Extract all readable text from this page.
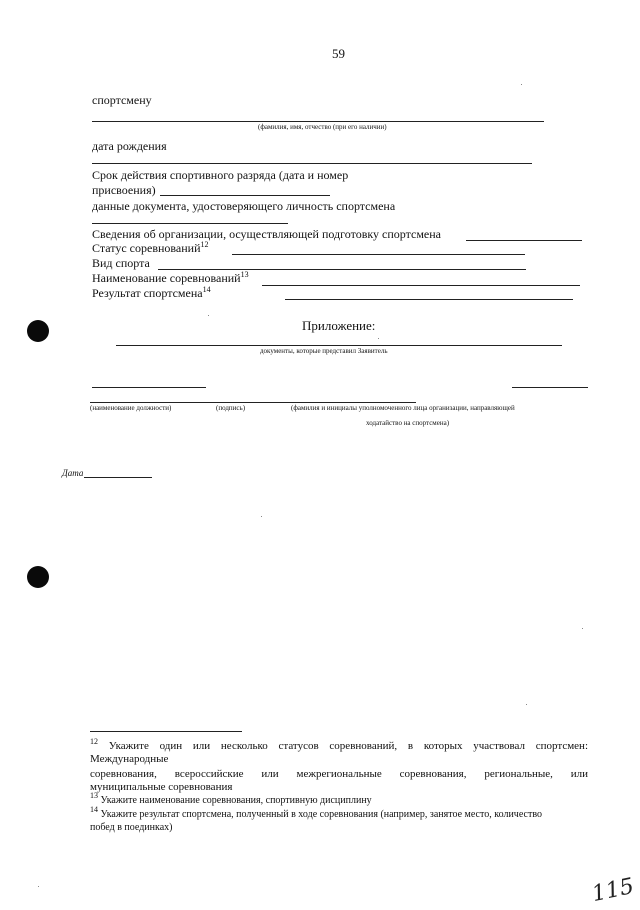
59
спортсмену
(фамилия, имя, отчество (при его наличии)
дата рождения
Срок действия спортивного разряда (дата и номер
присвоения)
данные документа, удостоверяющего личность спортсмена
Сведения об организации, осуществляющей подготовку спортсмена
Статус соревнований$^{12}$
Вид спорта
Наименование соревнований$^{13}$
Результат спортсмена$^{14}$
Приложение:
документы, которые представил Заявитель
(наименование должности)	(подпись)	(фамилия и инициалы уполномоченного лица организации, направляющей
ходатайство на спортсмена)
Дата
$^{12}$ Укажите один или несколько статусов соревнований, в которых участвовал спортсмен:
Международные
соревнования, всероссийские или межрегиональные соревнования, региональные, или
муниципальные соревнования
$^{13}$ Укажите наименование соревнования, спортивную дисциплину
$^{14}$ Укажите результат спортсмена, полученный в ходе соревнования (например, занятое место, количество
побед в поединках)
115
